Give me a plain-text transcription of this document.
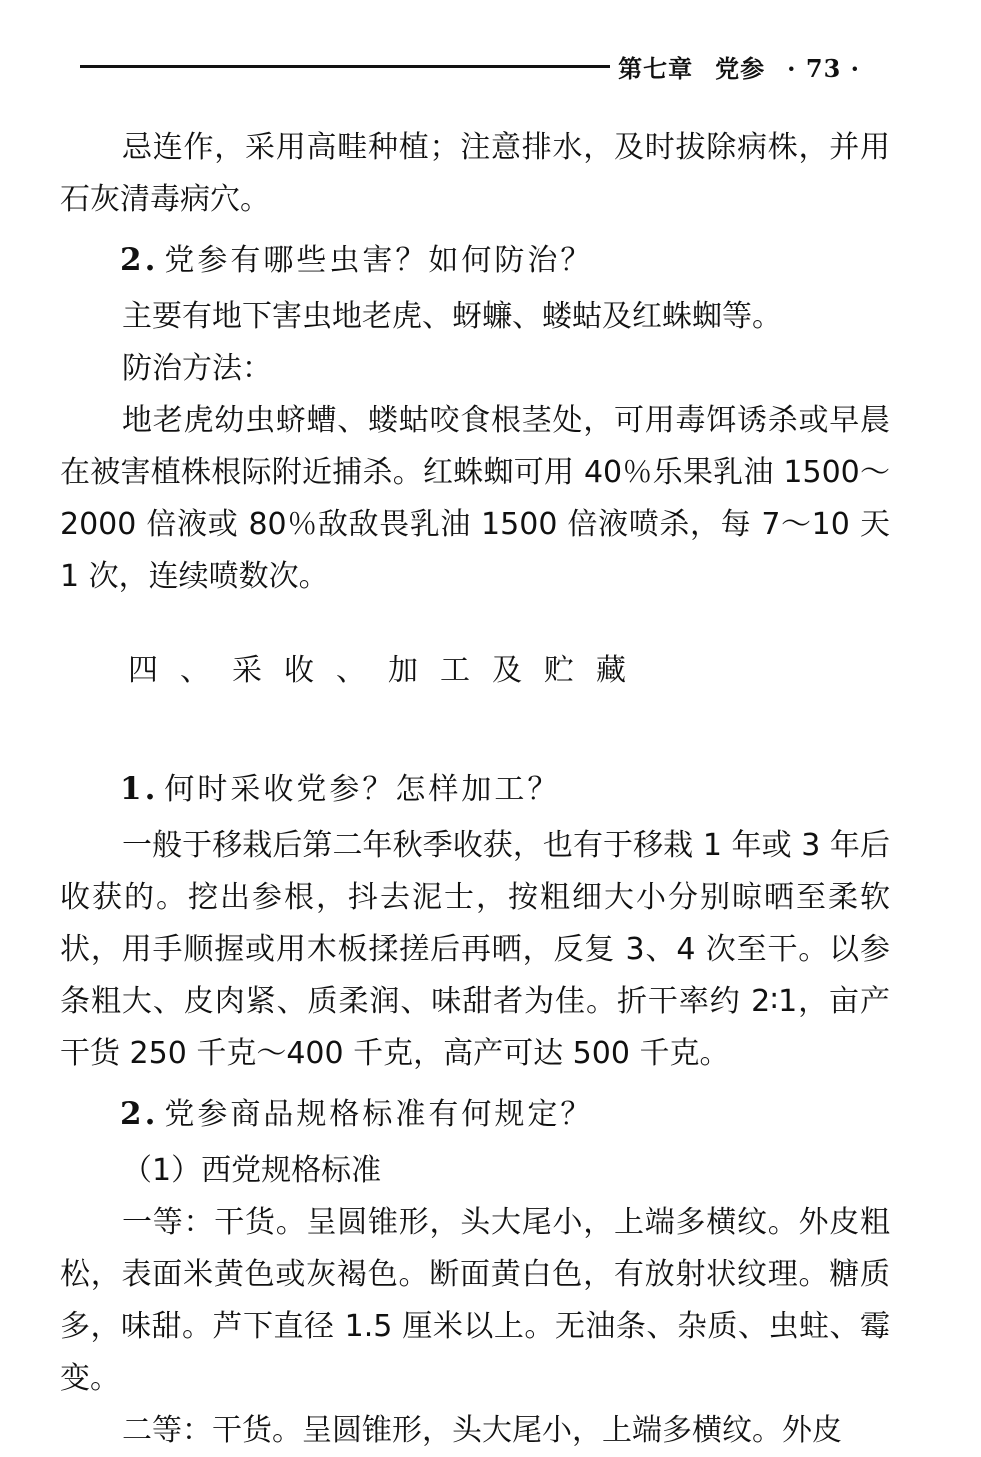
第七章 党参 · 73 ·

忌连作，采用高畦种植；注意排水，及时拔除病株，并用石灰清毒病穴。

2. 党参有哪些虫害？如何防治？

主要有地下害虫地老虎、蚜蠊、蝼蛄及红蛛蜘等。

防治方法：

地老虎幼虫蛴螬、蝼蛄咬食根茎处，可用毒饵诱杀或早晨在被害植株根际附近捕杀。红蛛蜘可用 40％乐果乳油 1500～2000 倍液或 80％敌敌畏乳油 1500 倍液喷杀，每 7～10 天 1 次，连续喷数次。

四、采收、加工及贮藏

1. 何时采收党参？怎样加工？

一般于移栽后第二年秋季收获，也有于移栽 1 年或 3 年后收获的。挖出参根，抖去泥士，按粗细大小分别晾晒至柔软状，用手顺握或用木板揉搓后再晒，反复 3、4 次至干。以参条粗大、皮肉紧、质柔润、味甜者为佳。折干率约 2∶1，亩产干货 250 千克～400 千克，高产可达 500 千克。

2. 党参商品规格标准有何规定？

（1）西党规格标准

一等：干货。呈圆锥形，头大尾小，上端多横纹。外皮粗松，表面米黄色或灰褐色。断面黄白色，有放射状纹理。糖质多，味甜。芦下直径 1.5 厘米以上。无油条、杂质、虫蛀、霉变。

二等：干货。呈圆锥形，头大尾小，上端多横纹。外皮
